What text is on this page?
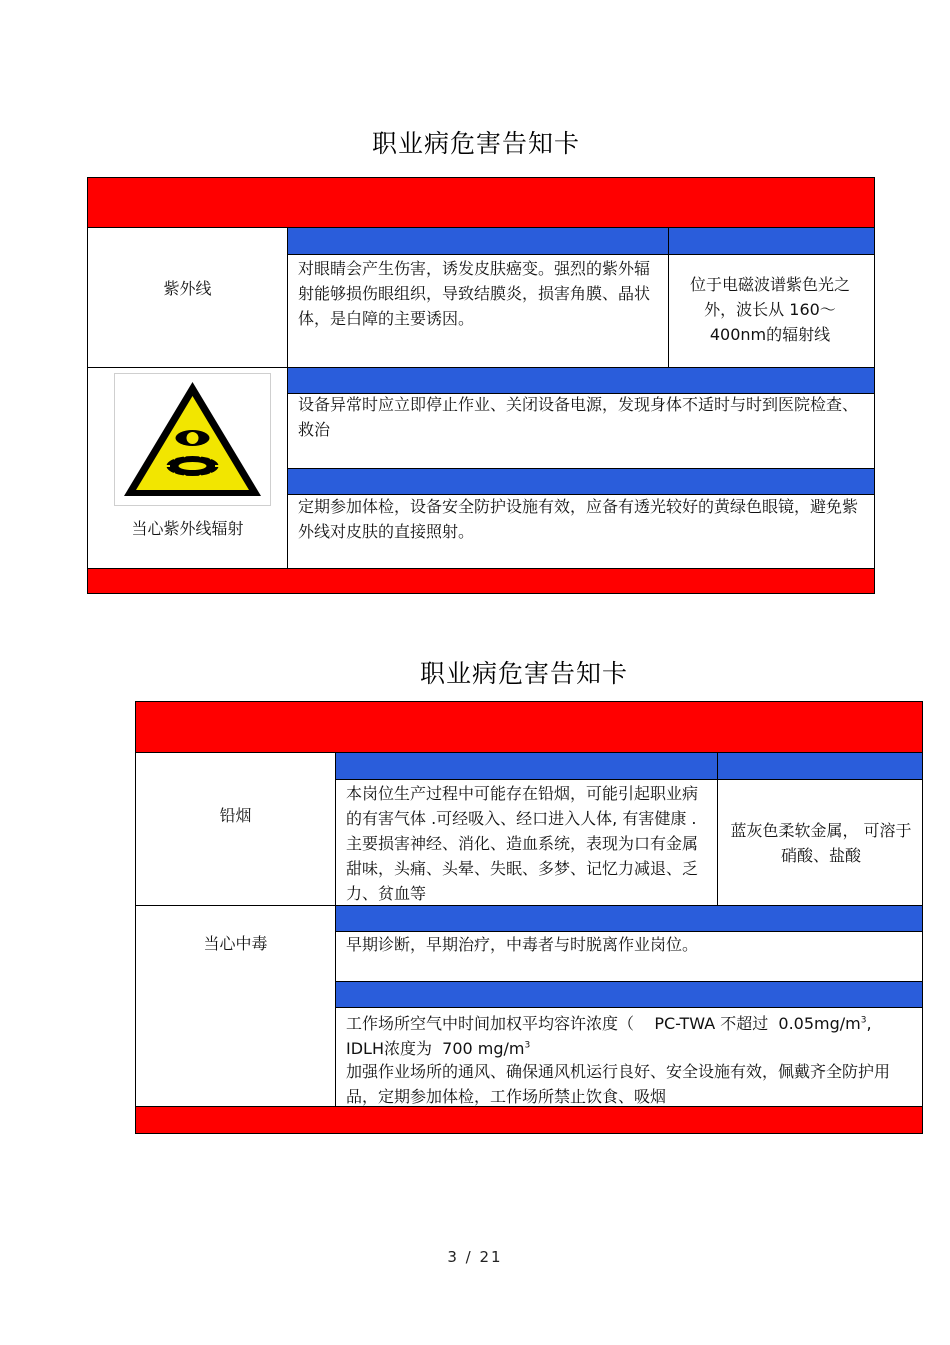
职业病危害告知卡
紫外线
对眼睛会产生伤害，诱发皮肤癌变。强烈的紫外辐射能够损伤眼组织，导致结膜炎，损害角膜、晶状体，是白障的主要诱因。
位于电磁波谱紫色光之外，波长从 160～400nm的辐射线
当心紫外线辐射
设备异常时应立即停止作业、关闭设备电源，发现身体不适时与时到医院检查、救治
定期参加体检，设备安全防护设施有效，应备有透光较好的黄绿色眼镜，避免紫外线对皮肤的直接照射。
职业病危害告知卡
铅烟
本岗位生产过程中可能存在铅烟，可能引起职业病的有害气体 .可经吸入、经口进入人体, 有害健康 . 主要损害神经、消化、造血系统，表现为口有金属甜味，头痛、头晕、失眠、多梦、记忆力减退、乏力、贫血等
蓝灰色柔软金属， 可溶于硝酸、盐酸
当心中毒	早期诊断，早期治疗，中毒者与时脱离作业岗位。
工作场所空气中时间加权平均容许浓度（    PC-TWA 不超过  $0.05mg/m^3$,
IDLH浓度为  700 $mg/m^3$
加强作业场所的通风、确保通风机运行良好、安全设施有效，佩戴齐全防护用品，定期参加体检，工作场所禁止饮食、吸烟
3 / 21
